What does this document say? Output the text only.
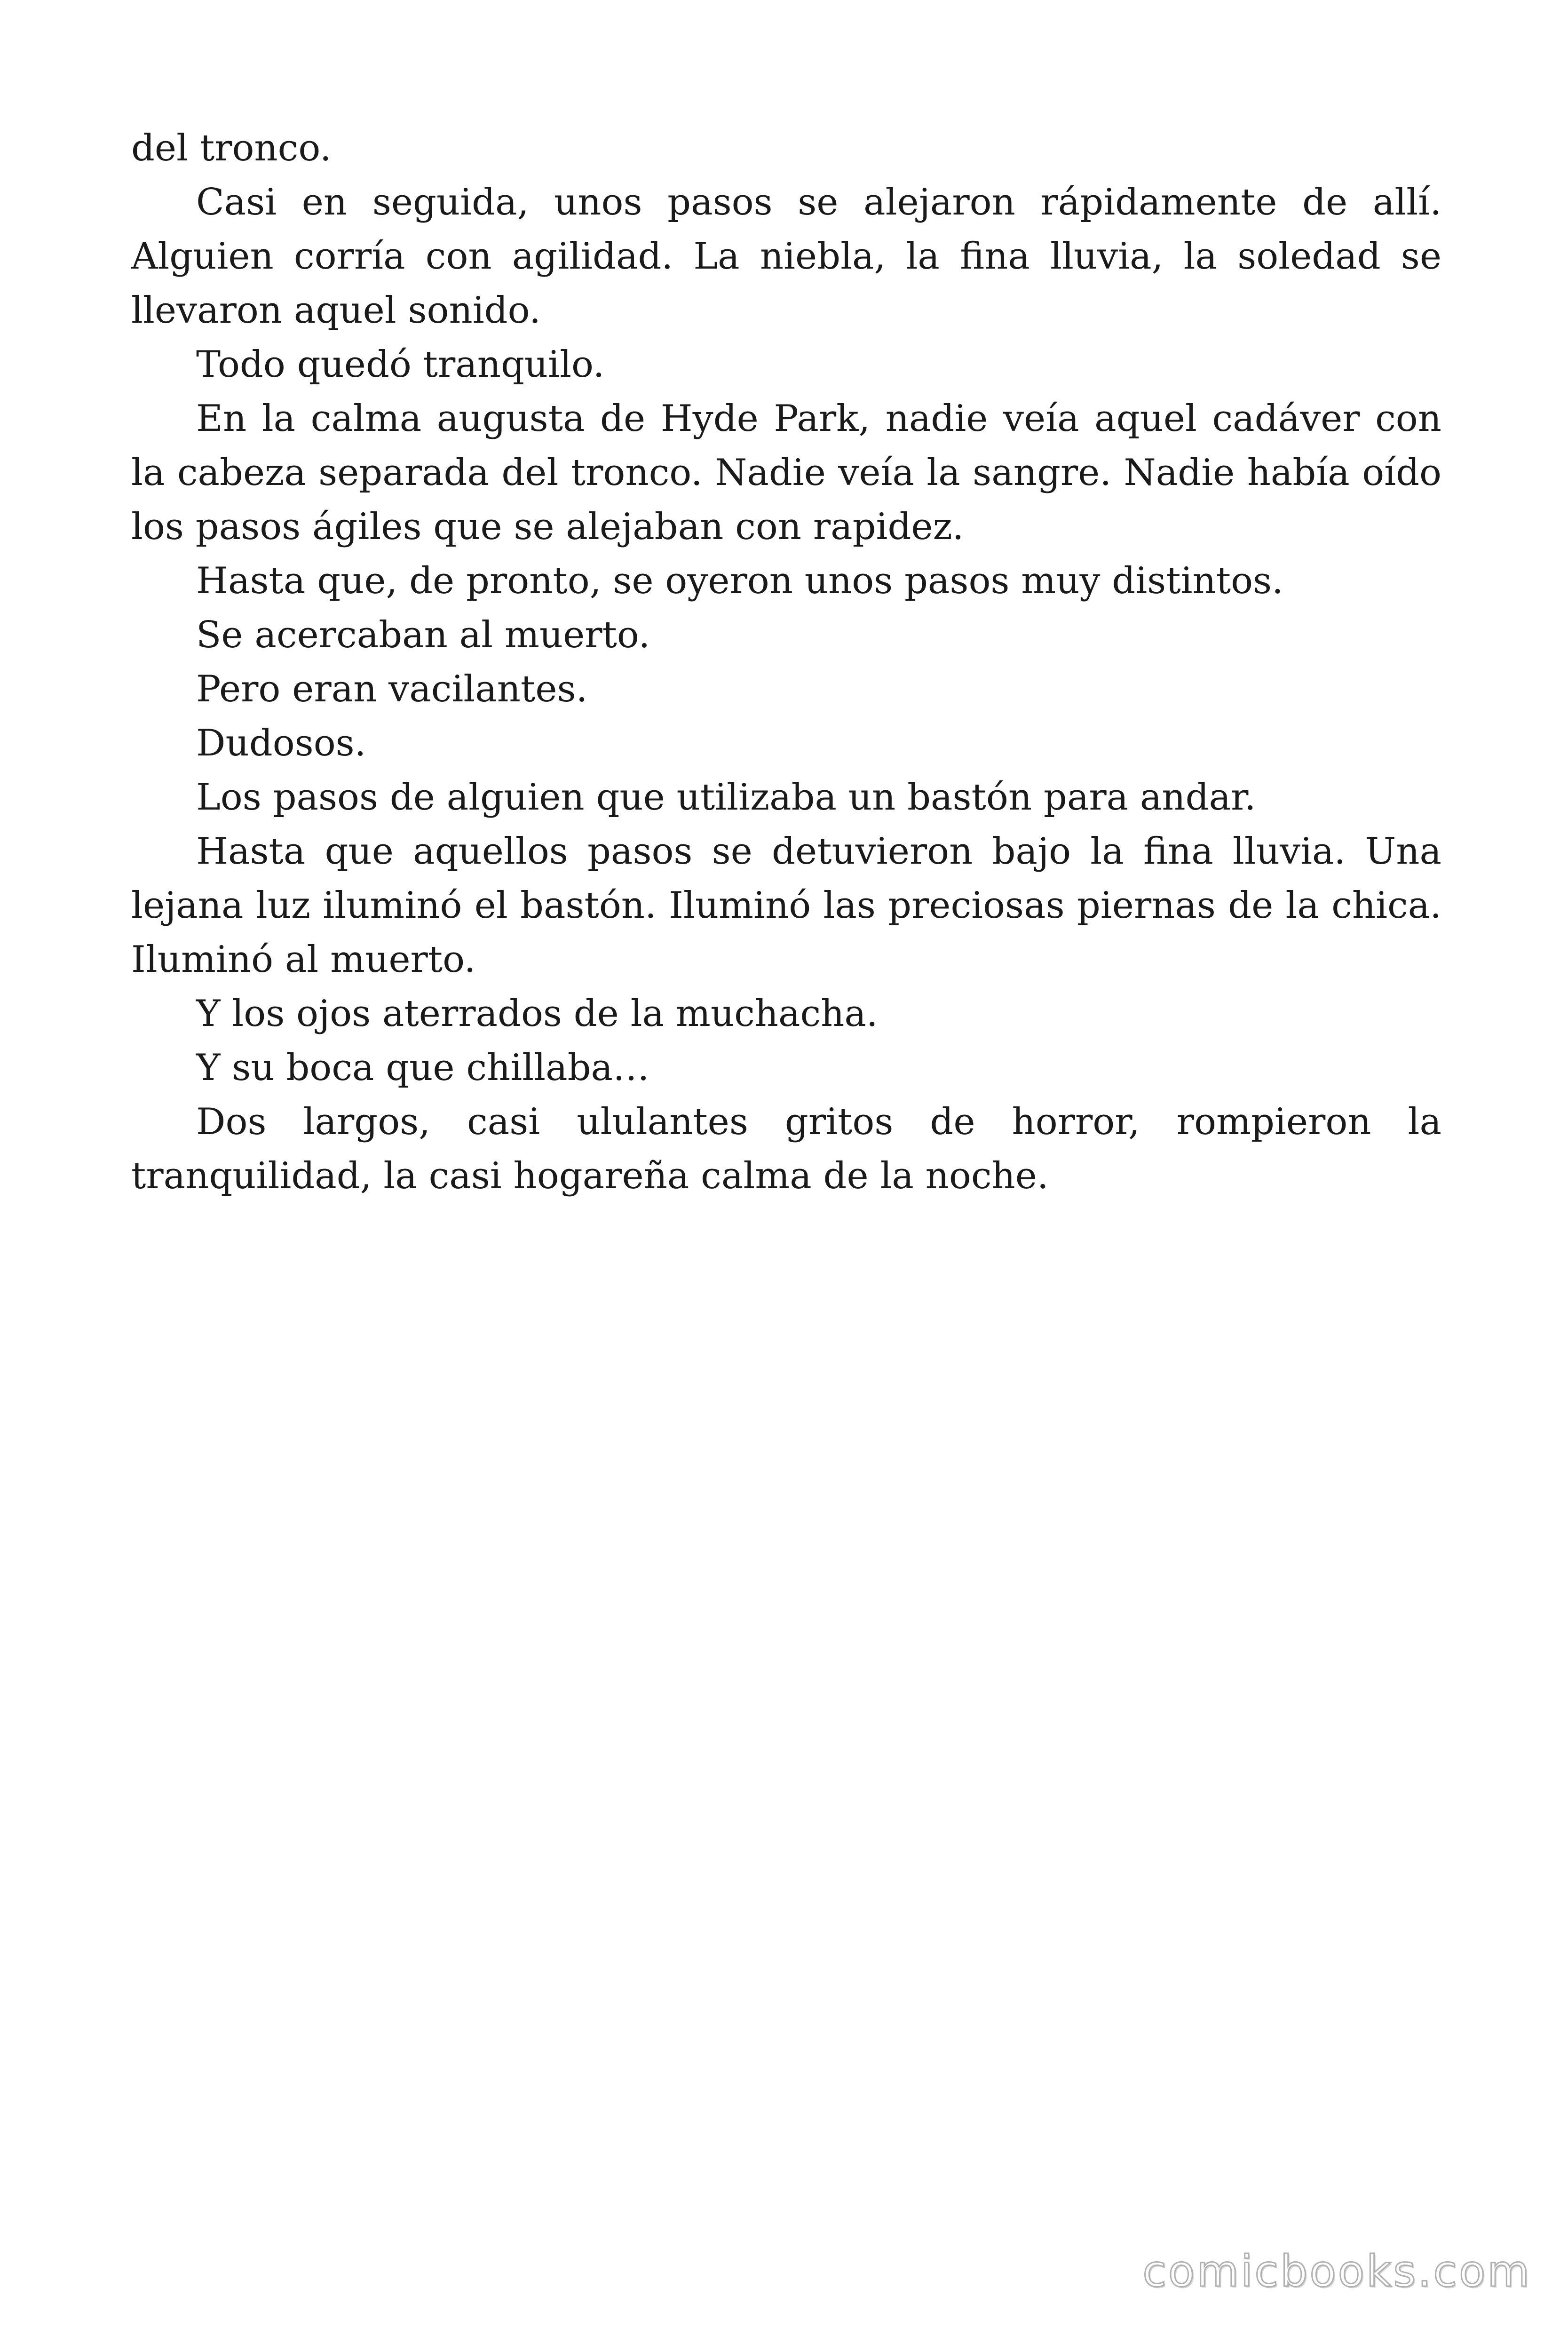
del tronco.

Casi en seguida, unos pasos se alejaron rápidamente de allí. Alguien corría con agilidad. La niebla, la fina lluvia, la soledad se llevaron aquel sonido.

Todo quedó tranquilo.

En la calma augusta de Hyde Park, nadie veía aquel cadáver con la cabeza separada del tronco. Nadie veía la sangre. Nadie había oído los pasos ágiles que se alejaban con rapidez.

Hasta que, de pronto, se oyeron unos pasos muy distintos.

Se acercaban al muerto.

Pero eran vacilantes.

Dudosos.

Los pasos de alguien que utilizaba un bastón para andar.

Hasta que aquellos pasos se detuvieron bajo la fina lluvia. Una lejana luz iluminó el bastón. Iluminó las preciosas piernas de la chica. Iluminó al muerto.

Y los ojos aterrados de la muchacha.

Y su boca que chillaba…

Dos largos, casi ululantes gritos de horror, rompieron la tranquilidad, la casi hogareña calma de la noche.

comicbooks.com
